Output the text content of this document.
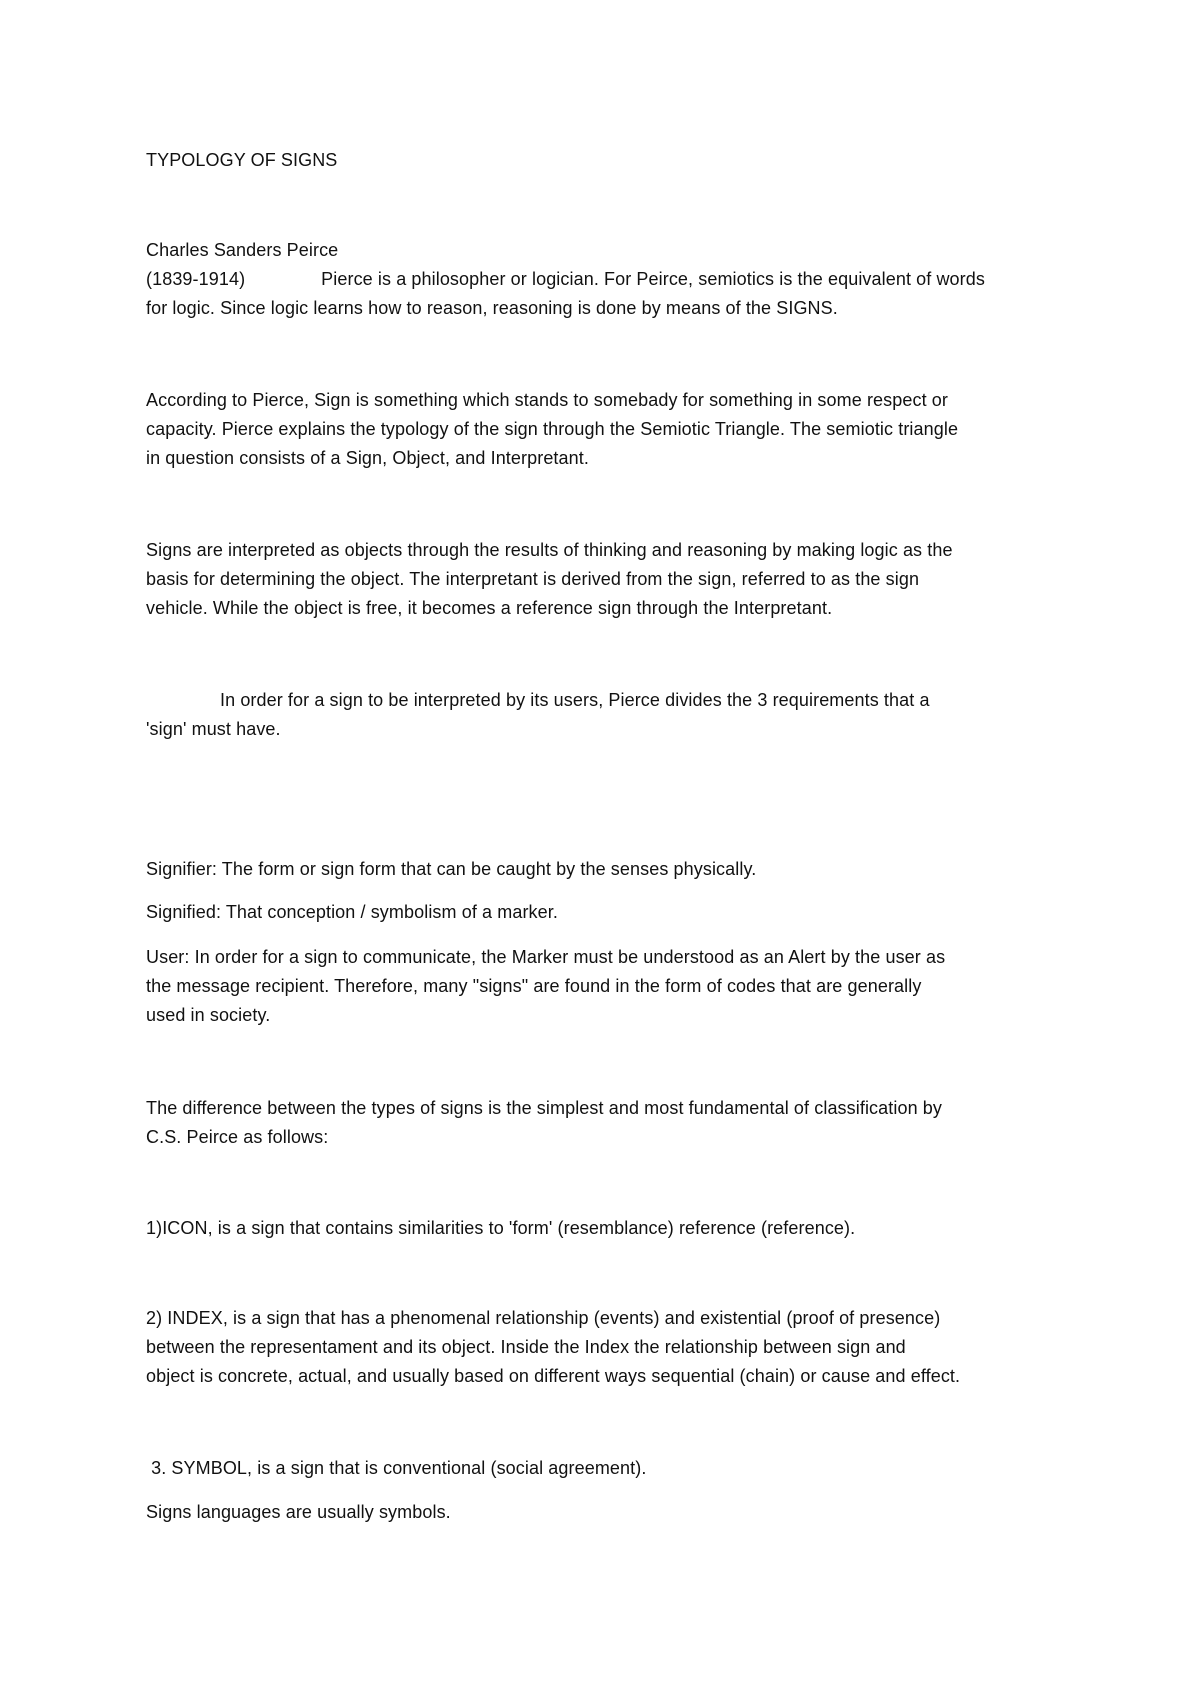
TYPOLOGY OF SIGNS
Charles Sanders Peirce
(1839-1914)	Pierce is a philosopher or logician. For Peirce, semiotics is the equivalent of words
for logic. Since logic learns how to reason, reasoning is done by means of the SIGNS.
According to Pierce, Sign is something which stands to somebady for something in some respect or
capacity. Pierce explains the typology of the sign through the Semiotic Triangle. The semiotic triangle
in question consists of a Sign, Object, and Interpretant.
Signs are interpreted as objects through the results of thinking and reasoning by making logic as the
basis for determining the object. The interpretant is derived from the sign, referred to as the sign
vehicle. While the object is free, it becomes a reference sign through the Interpretant.
In order for a sign to be interpreted by its users, Pierce divides the 3 requirements that a
'sign' must have.
Signifier: The form or sign form that can be caught by the senses physically.
Signified: That conception / symbolism of a marker.
User: In order for a sign to communicate, the Marker must be understood as an Alert by the user as
the message recipient. Therefore, many "signs" are found in the form of codes that are generally
used in society.
The difference between the types of signs is the simplest and most fundamental of classification by
C.S. Peirce as follows:
1)ICON, is a sign that contains similarities to 'form' (resemblance) reference (reference).
2) INDEX, is a sign that has a phenomenal relationship (events) and existential (proof of presence)
between the representament and its object. Inside the Index the relationship between sign and
object is concrete, actual, and usually based on different ways sequential (chain) or cause and effect.
3. SYMBOL, is a sign that is conventional (social agreement).
Signs languages are usually symbols.
